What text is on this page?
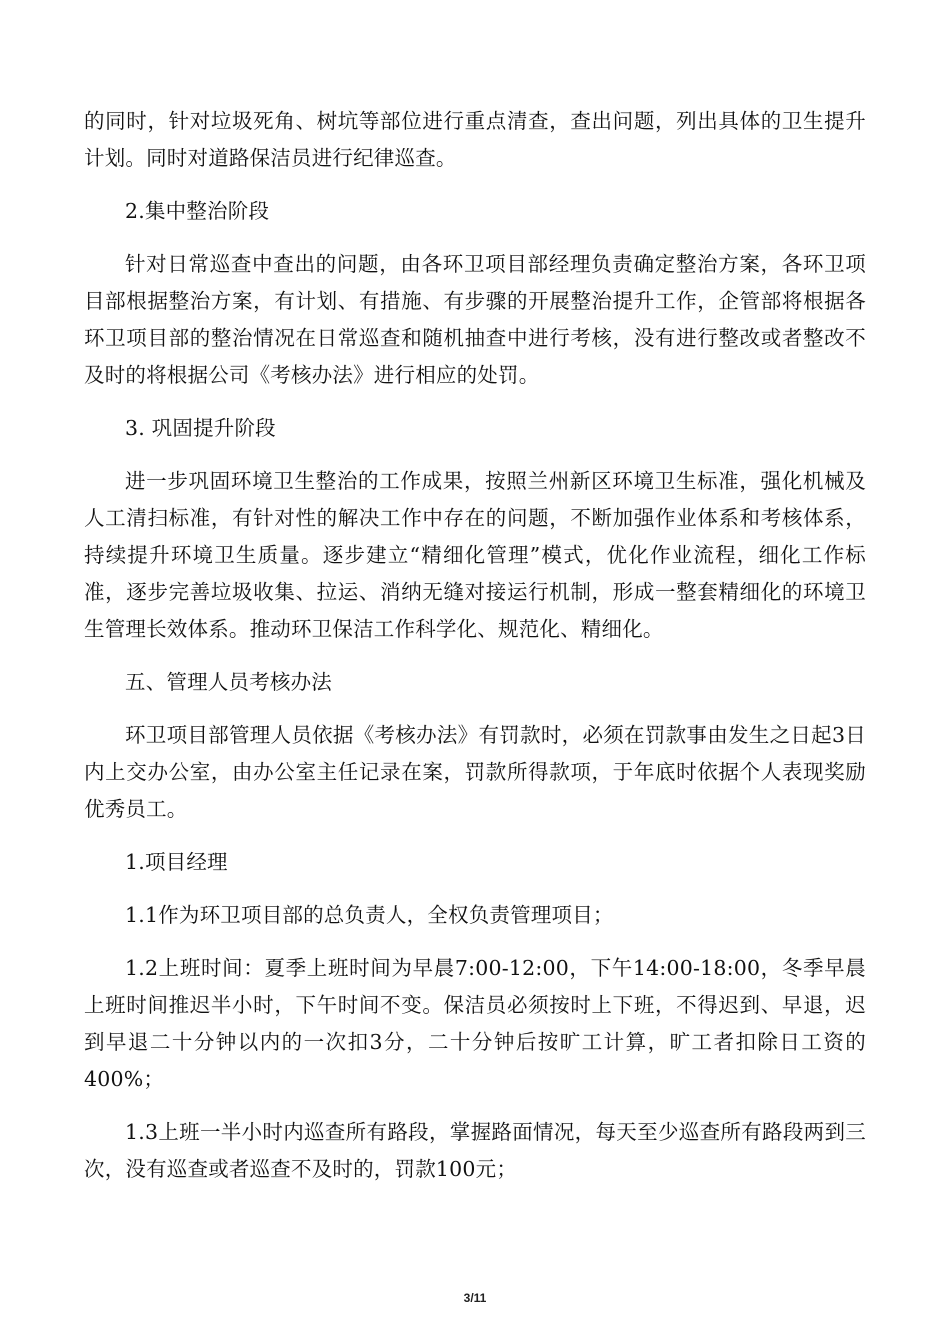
的同时，针对垃圾死角、树坑等部位进行重点清查，查出问题，列出具体的卫生提升计划。同时对道路保洁员进行纪律巡查。

2.集中整治阶段

针对日常巡查中查出的问题，由各环卫项目部经理负责确定整治方案，各环卫项目部根据整治方案，有计划、有措施、有步骤的开展整治提升工作，企管部将根据各环卫项目部的整治情况在日常巡查和随机抽查中进行考核，没有进行整改或者整改不及时的将根据公司《考核办法》进行相应的处罚。

3. 巩固提升阶段

进一步巩固环境卫生整治的工作成果，按照兰州新区环境卫生标准，强化机械及人工清扫标准，有针对性的解决工作中存在的问题，不断加强作业体系和考核体系，持续提升环境卫生质量。逐步建立“精细化管理”模式，优化作业流程，细化工作标准，逐步完善垃圾收集、拉运、消纳无缝对接运行机制，形成一整套精细化的环境卫生管理长效体系。推动环卫保洁工作科学化、规范化、精细化。

五、管理人员考核办法

环卫项目部管理人员依据《考核办法》有罚款时，必须在罚款事由发生之日起3日内上交办公室，由办公室主任记录在案，罚款所得款项，于年底时依据个人表现奖励优秀员工。

1.项目经理

1.1作为环卫项目部的总负责人，全权负责管理项目；

1.2上班时间：夏季上班时间为早晨7:00-12:00，下午14:00-18:00，冬季早晨上班时间推迟半小时，下午时间不变。保洁员必须按时上下班，不得迟到、早退，迟到早退二十分钟以内的一次扣3分，二十分钟后按旷工计算，旷工者扣除日工资的400%；

1.3上班一半小时内巡查所有路段，掌握路面情况，每天至少巡查所有路段两到三次，没有巡查或者巡查不及时的，罚款100元；

3/11
